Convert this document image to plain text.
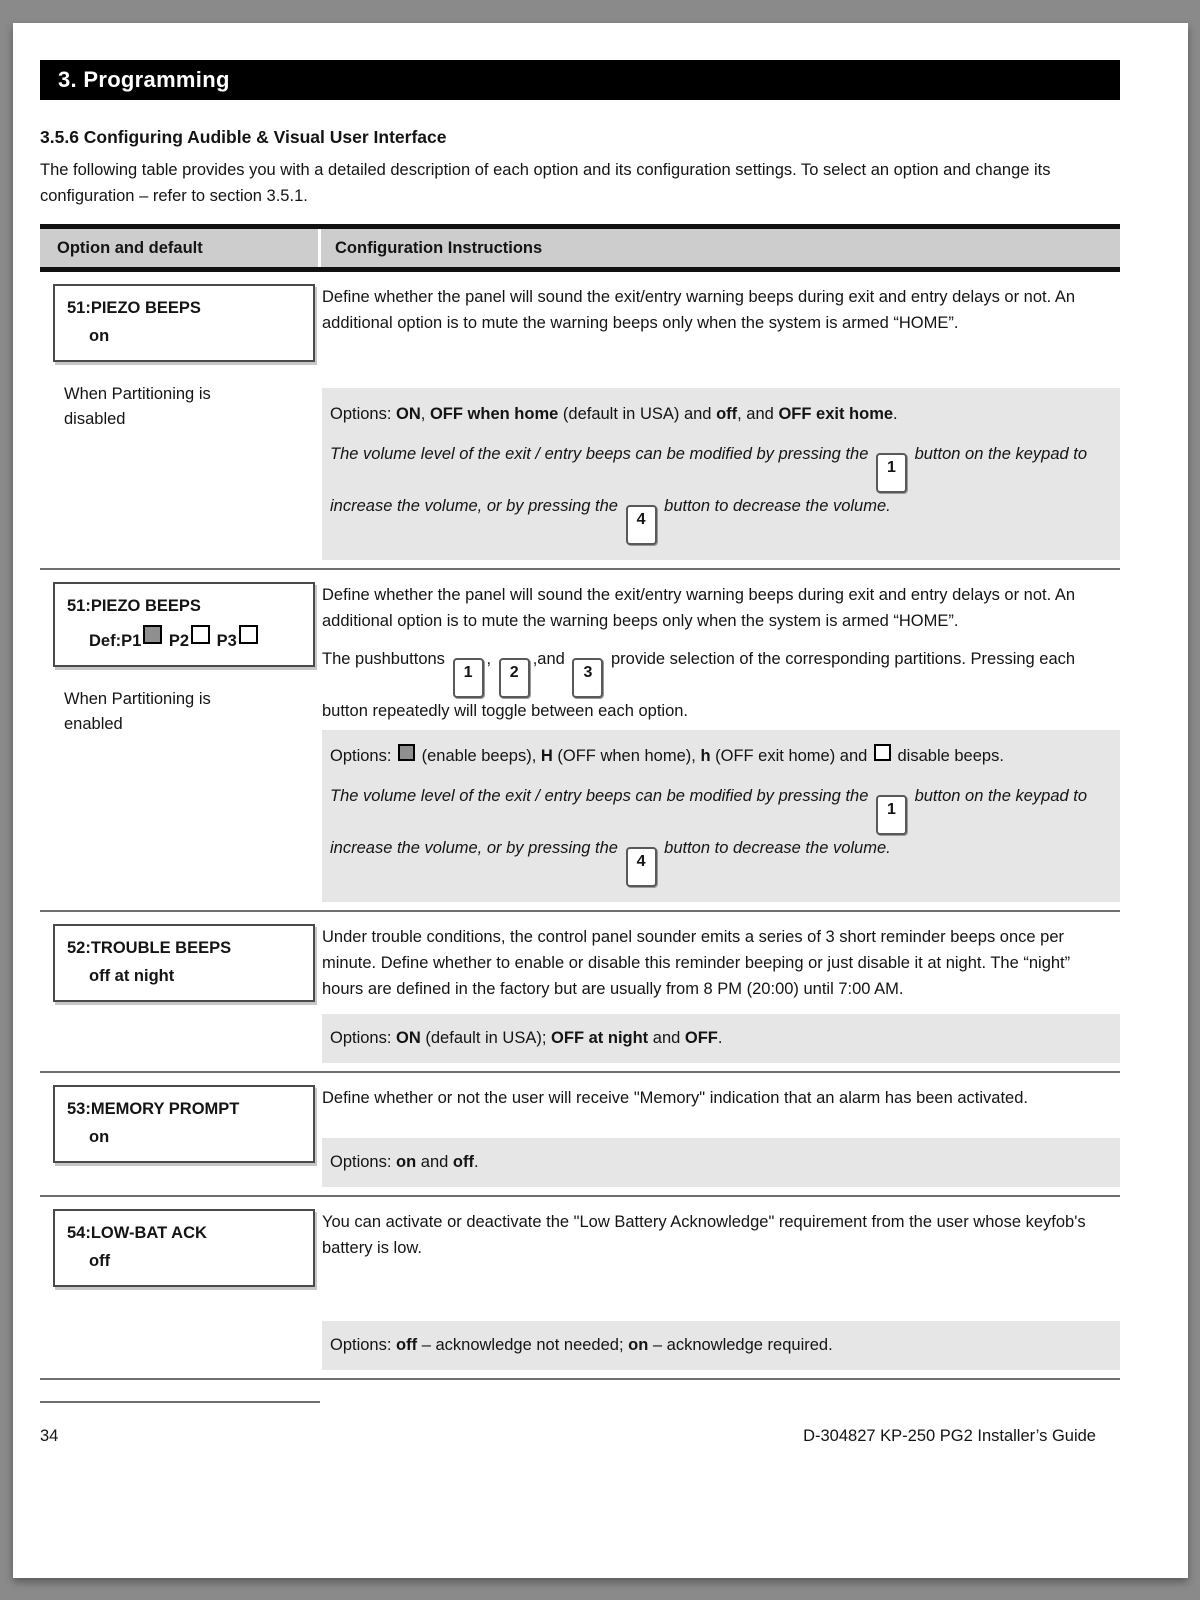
3. Programming
3.5.6 Configuring Audible & Visual User Interface

The following table provides you with a detailed description of each option and its configuration settings. To select an option and change its configuration – refer to section 3.5.1.

Option and default	Configuration Instructions
51:PIEZO BEEPS
on
When Partitioning is disabled

Define whether the panel will sound the exit/entry warning beeps during exit and entry delays or not. An additional option is to mute the warning beeps only when the system is armed “HOME”.

Options: ON, OFF when home (default in USA) and off, and OFF exit home.

The volume level of the exit / entry beeps can be modified by pressing the 1 button on the keypad to increase the volume, or by pressing the 4 button to decrease the volume.

51:PIEZO BEEPS
Def:P1 P2 P3
When Partitioning is enabled

Define whether the panel will sound the exit/entry warning beeps during exit and entry delays or not. An additional option is to mute the warning beeps only when the system is armed “HOME”.

The pushbuttons 1, 2,and 3 provide selection of the corresponding partitions. Pressing each button repeatedly will toggle between each option.

Options:  (enable beeps), H (OFF when home), h (OFF exit home) and  disable beeps.

The volume level of the exit / entry beeps can be modified by pressing the 1 button on the keypad to increase the volume, or by pressing the 4 button to decrease the volume.

52:TROUBLE BEEPS
off at night

Under trouble conditions, the control panel sounder emits a series of 3 short reminder beeps once per minute. Define whether to enable or disable this reminder beeping or just disable it at night. The “night” hours are defined in the factory but are usually from 8 PM (20:00) until 7:00 AM.

Options: ON (default in USA); OFF at night and OFF.

53:MEMORY PROMPT
on

Define whether or not the user will receive "Memory" indication that an alarm has been activated.

Options: on and off.

54:LOW-BAT ACK
off

You can activate or deactivate the "Low Battery Acknowledge" requirement from the user whose keyfob's battery is low.

Options: off – acknowledge not needed; on – acknowledge required.

34	D-304827 KP-250 PG2 Installer’s Guide
